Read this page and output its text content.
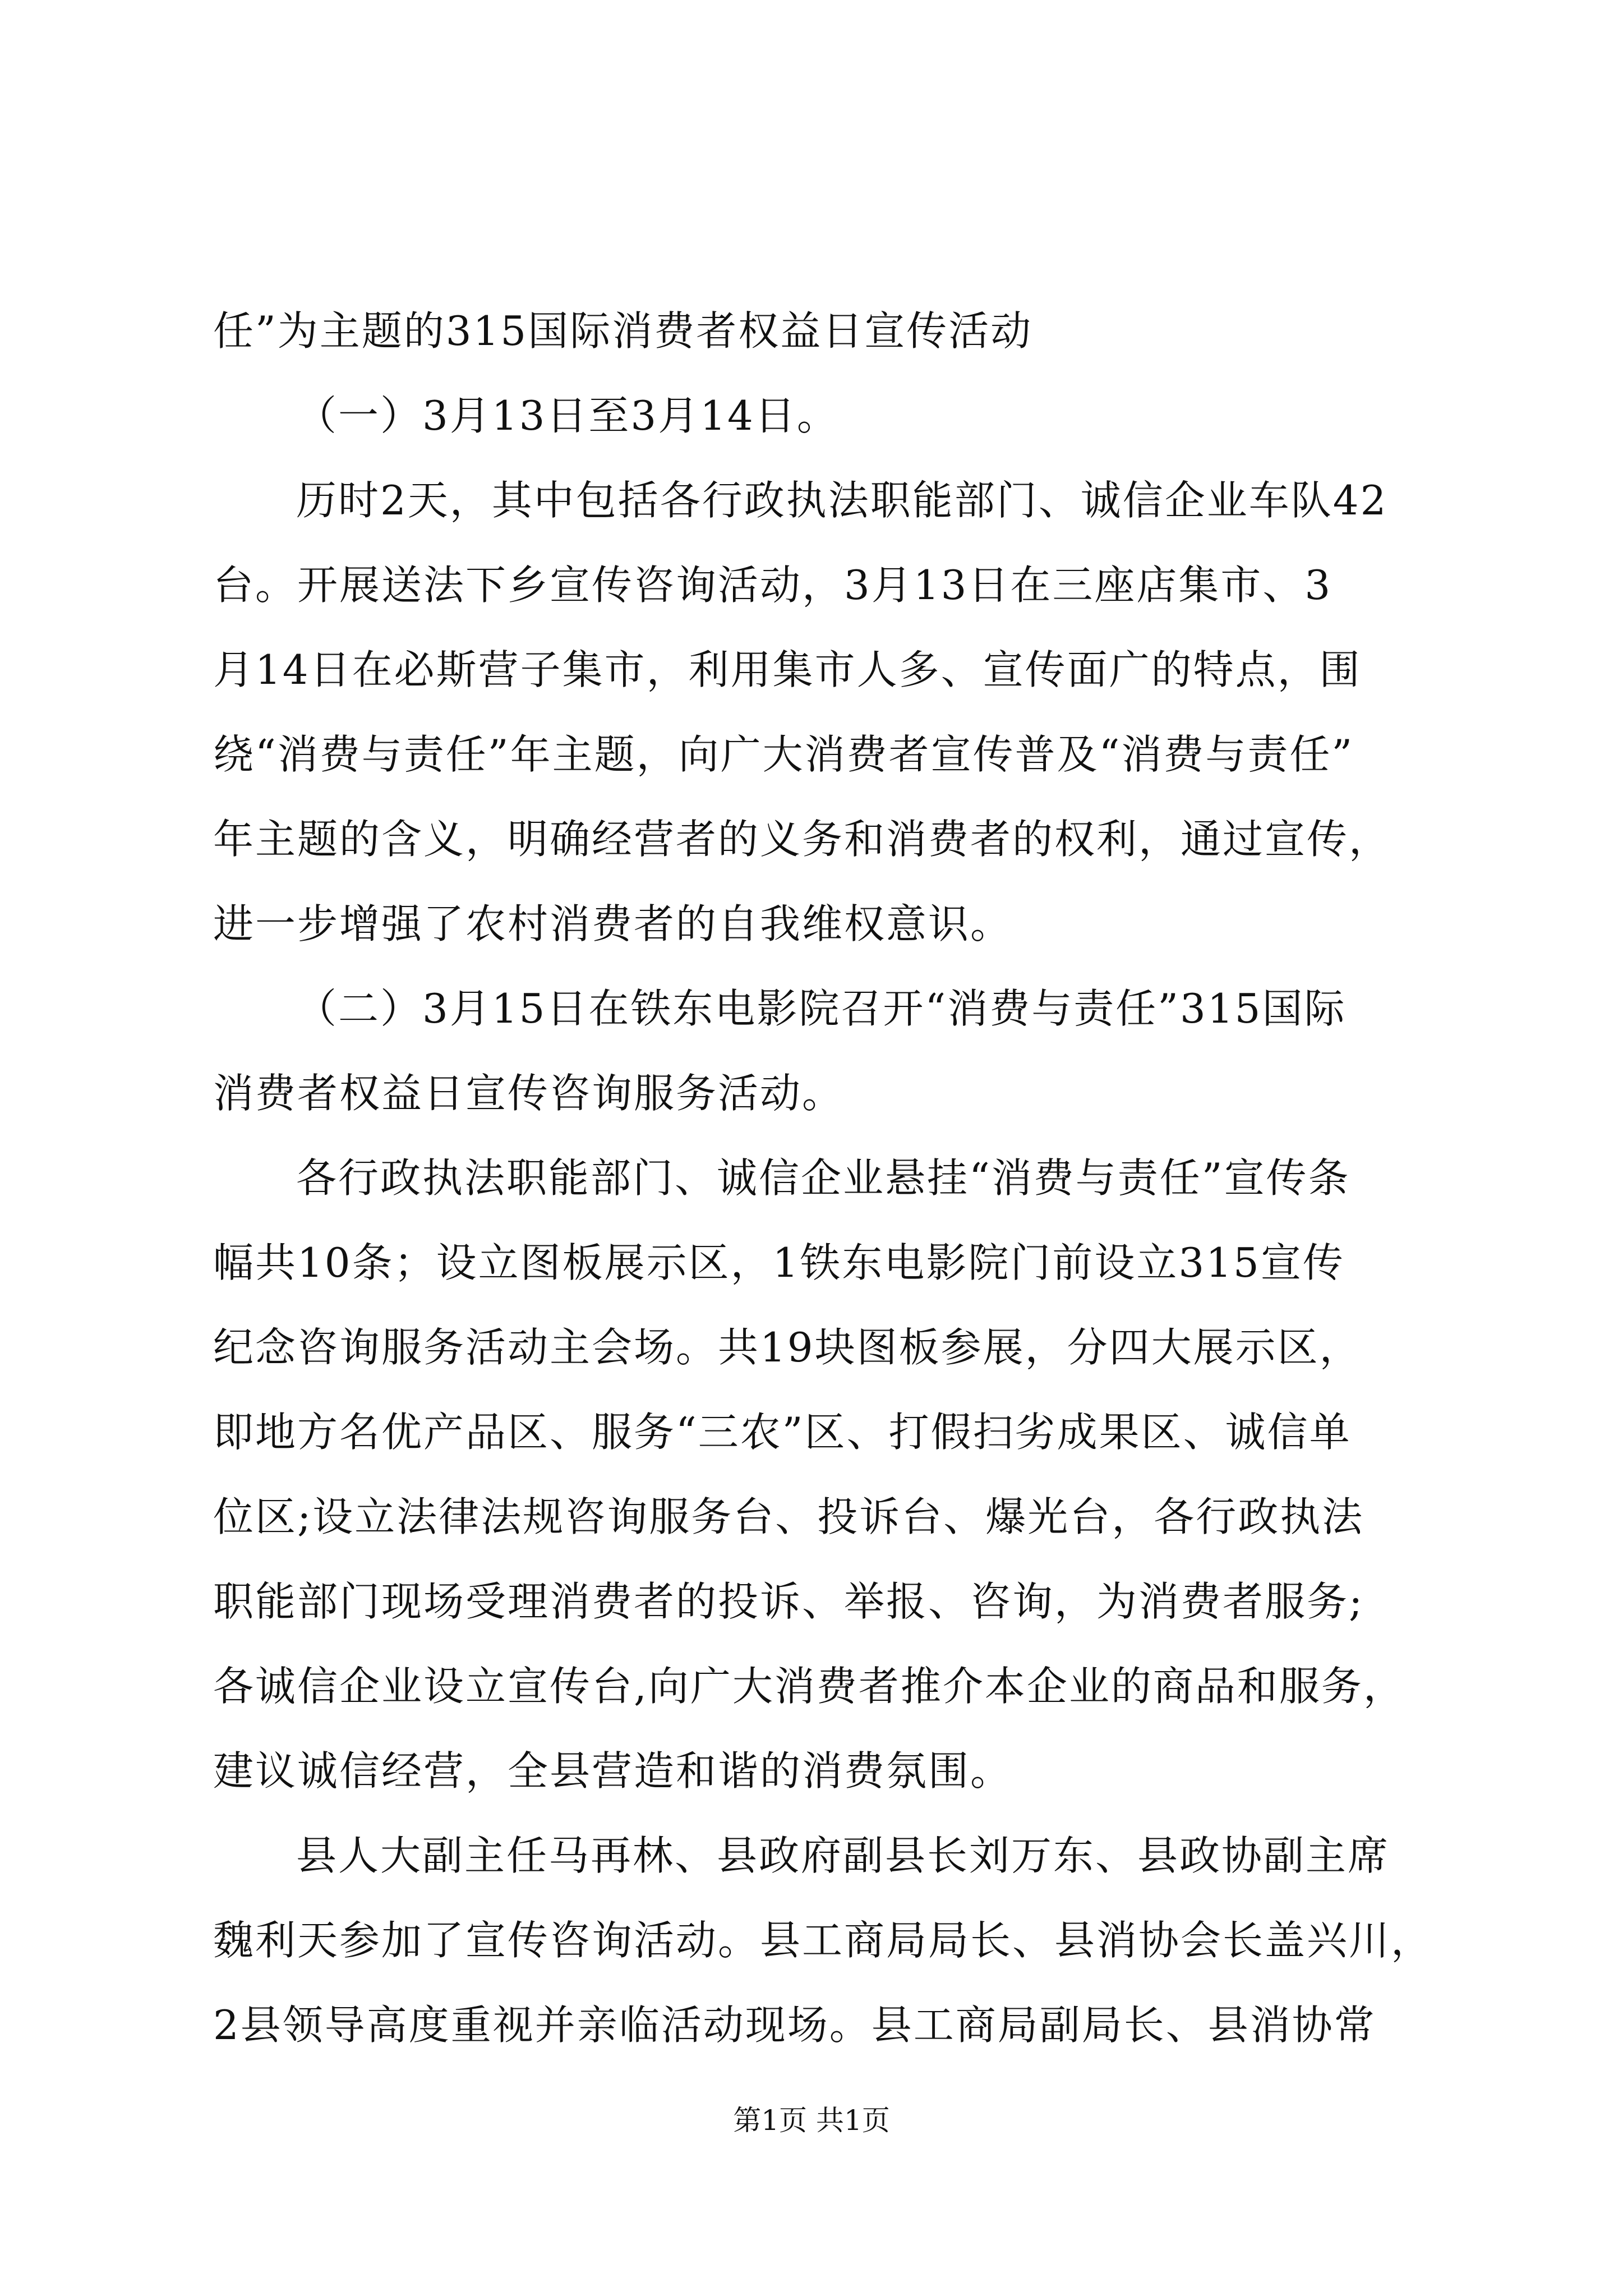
任”为主题的315国际消费者权益日宣传活动
（一）3月13日至3月14日。
历时2天，其中包括各行政执法职能部门、诚信企业车队42
台。开展送法下乡宣传咨询活动，3月13日在三座店集市、3
月14日在必斯营子集市，利用集市人多、宣传面广的特点，围
绕“消费与责任”年主题，向广大消费者宣传普及“消费与责任”
年主题的含义，明确经营者的义务和消费者的权利，通过宣传，
进一步增强了农村消费者的自我维权意识。
（二）3月15日在铁东电影院召开“消费与责任”315国际
消费者权益日宣传咨询服务活动。
各行政执法职能部门、诚信企业悬挂“消费与责任”宣传条
幅共10条；设立图板展示区，1铁东电影院门前设立315宣传
纪念咨询服务活动主会场。共19块图板参展，分四大展示区，
即地方名优产品区、服务“三农”区、打假扫劣成果区、诚信单
位区;设立法律法规咨询服务台、投诉台、爆光台，各行政执法
职能部门现场受理消费者的投诉、举报、咨询，为消费者服务;
各诚信企业设立宣传台,向广大消费者推介本企业的商品和服务，
建议诚信经营，全县营造和谐的消费氛围。
县人大副主任马再林、县政府副县长刘万东、县政协副主席
魏利天参加了宣传咨询活动。县工商局局长、县消协会长盖兴川，
2县领导高度重视并亲临活动现场。县工商局副局长、县消协常
第1页 共1页
